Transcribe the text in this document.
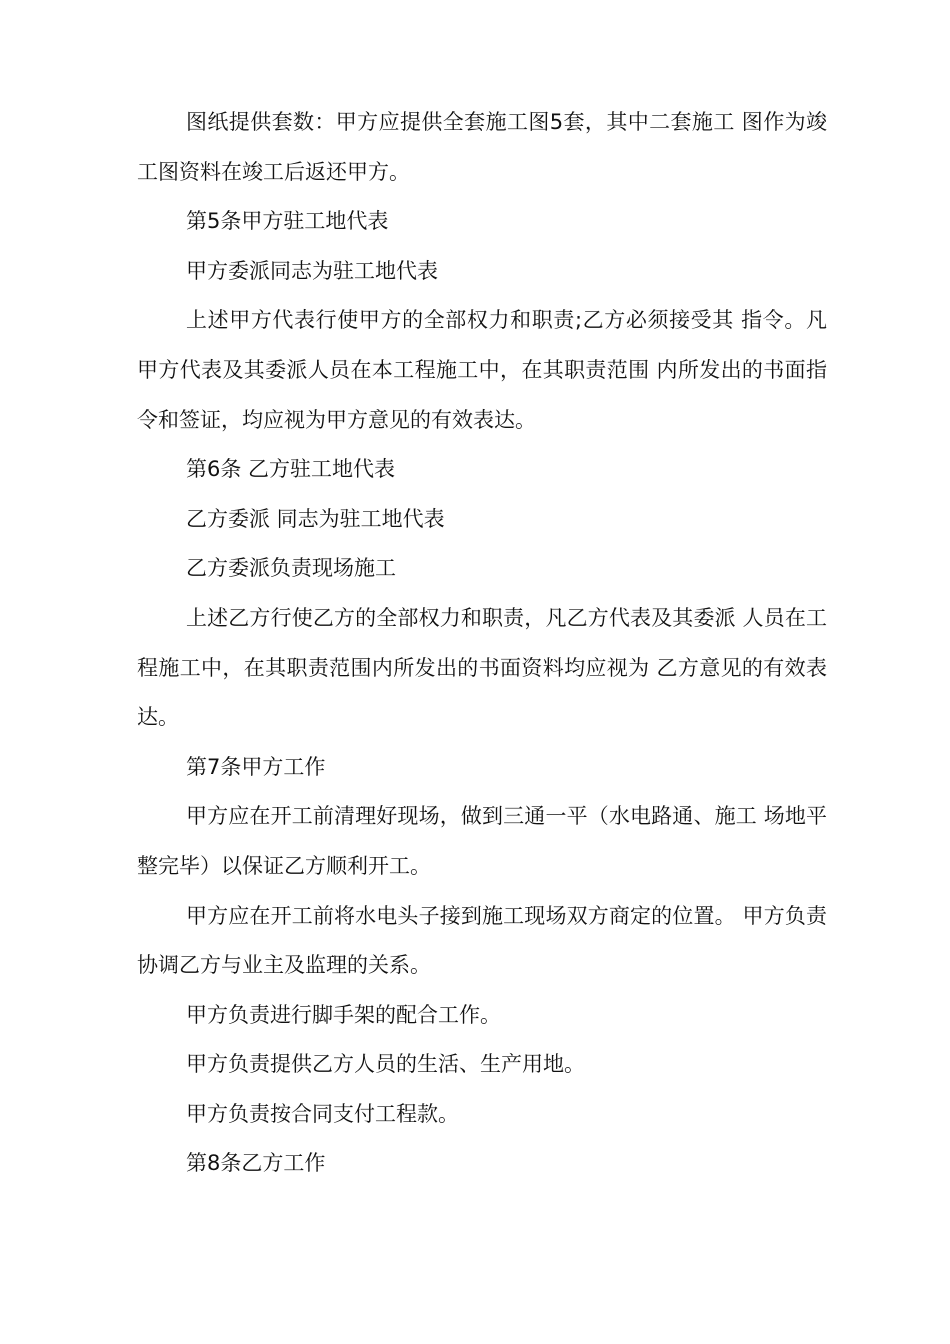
图纸提供套数：甲方应提供全套施工图5套，其中二套施工 图作为竣工图资料在竣工后返还甲方。

第5条甲方驻工地代表

甲方委派同志为驻工地代表

上述甲方代表行使甲方的全部权力和职责;乙方必须接受其 指令。凡甲方代表及其委派人员在本工程施工中，在其职责范围 内所发出的书面指令和签证，均应视为甲方意见的有效表达。

第6条 乙方驻工地代表

乙方委派 同志为驻工地代表

乙方委派负责现场施工

上述乙方行使乙方的全部权力和职责，凡乙方代表及其委派 人员在工程施工中，在其职责范围内所发出的书面资料均应视为 乙方意见的有效表达。

第7条甲方工作

甲方应在开工前清理好现场，做到三通一平（水电路通、施工 场地平整完毕）以保证乙方顺利开工。

甲方应在开工前将水电头子接到施工现场双方商定的位置。 甲方负责协调乙方与业主及监理的关系。

甲方负责进行脚手架的配合工作。

甲方负责提供乙方人员的生活、生产用地。

甲方负责按合同支付工程款。

第8条乙方工作
